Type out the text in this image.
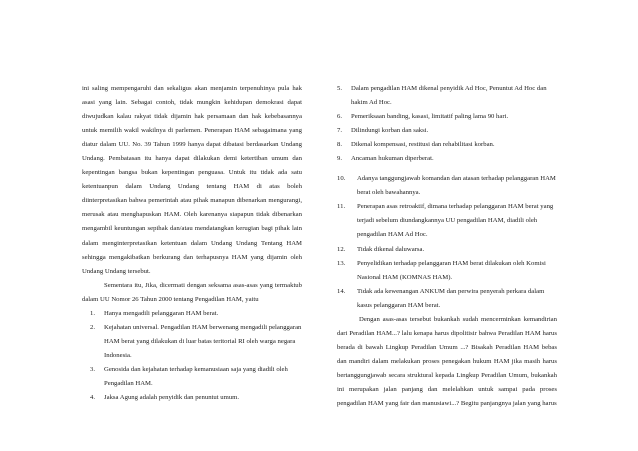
ini saling mempengaruhi dan sekaligus akan menjamin terpenuhinya pula hak asasi yang lain. Sebagai contoh, tidak mungkin kehidupan demokrasi dapat diwujudkan kalau rakyat tidak dijamin hak persamaan dan hak kebebasannya untuk memilih wakil wakilnya di parlemen. Penerapan HAM sebagaimana yang diatur dalam UU. No. 39 Tahun 1999 hanya dapat dibatasi berdasarkan Undang Undang. Pembatasan itu hanya dapat dilakukan demi ketertiban umum dan kepentingan bangsa bukan kepentingan penguasa. Untuk itu tidak ada satu ketentuanpun dalam Undang Undang tentang HAM di atas boleh diinterpretasikan bahwa pemerintah atau pihak manapun dibenarkan mengurangi, merusak atau menghapuskan HAM. Oleh karenanya siapapun tidak dibenarkan mengambil keuntungan sepihak dan/atau mendatangkan kerugian bagi pihak lain dalam menginterpretasikan ketentuan dalam Undang Undang Tentang HAM sehingga mengakibatkan berkurang dan terhapusnya HAM yang dijamin oleh Undang Undang tersebut.

Sementara itu, Jika, dicermati dengan seksama asas-asas yang termaktub dalam UU Nomor 26 Tahun 2000 tentang Pengadilan HAM, yaitu

1.	Hanya mengadili pelanggaran HAM berat.
2.	Kejahatan universal. Pengadilan HAM berwenang mengadili pelanggaran HAM berat yang dilakukan di luar batas teritorial RI oleh warga negara Indonesia.
3.	Genosida dan kejahatan terhadap kemanusiaan saja yang diadili oleh Pengadilan HAM.
4.	Jaksa Agung adalah penyidik dan penuntut umum.
5.	Dalam pengadilan HAM dikenal penyidik Ad Hoc, Penuntut Ad Hoc dan hakim Ad Hoc.
6.	Pemeriksaan banding, kasasi, limitatif paling lama 90 hari.
7.	Dilindungi korban dan saksi.
8.	Dikenal kompensasi, restitusi dan rehabilitasi korban.
9.	Ancaman hukuman diperberat.
10.	Adanya tanggungjawab komandan dan atasan terhadap pelanggaran HAM berat oleh bawahannya.
11.	Penerapan asas retroaktif, dimana terhadap pelanggaran HAM berat yang terjadi sebelum diundangkannya UU pengadilan HAM, diadili oleh pengadilan HAM Ad Hoc.
12.	Tidak dikenal daluwarsa.
13.	Penyelidikan terhadap pelanggaran HAM berat dilakukan oleh Komisi Nasional HAM (KOMNAS HAM).
14.	Tidak ada kewenangan ANKUM dan perwira penyerah perkara dalam kasus pelanggaran HAM berat.

Dengan asas-asas tersebut bukankah sudah mencerminkan kemandirian dari Peradilan HAM...? lalu kenapa harus dipolitisir bahwa Peradilan HAM harus berada di bawah Lingkup Peradilan Umum ...? Bisakah Peradilan HAM bebas dan mandiri dalam melakukan proses penegakan hukum HAM jika masih harus bertanggungjawab secara struktural kepada Lingkup Peradilan Umum, bukankah ini merupakan jalan panjang dan melelahkan untuk sampai pada proses pengadilan HAM yang fair dan manusiawi...? Begitu panjangnya jalan yang harus
